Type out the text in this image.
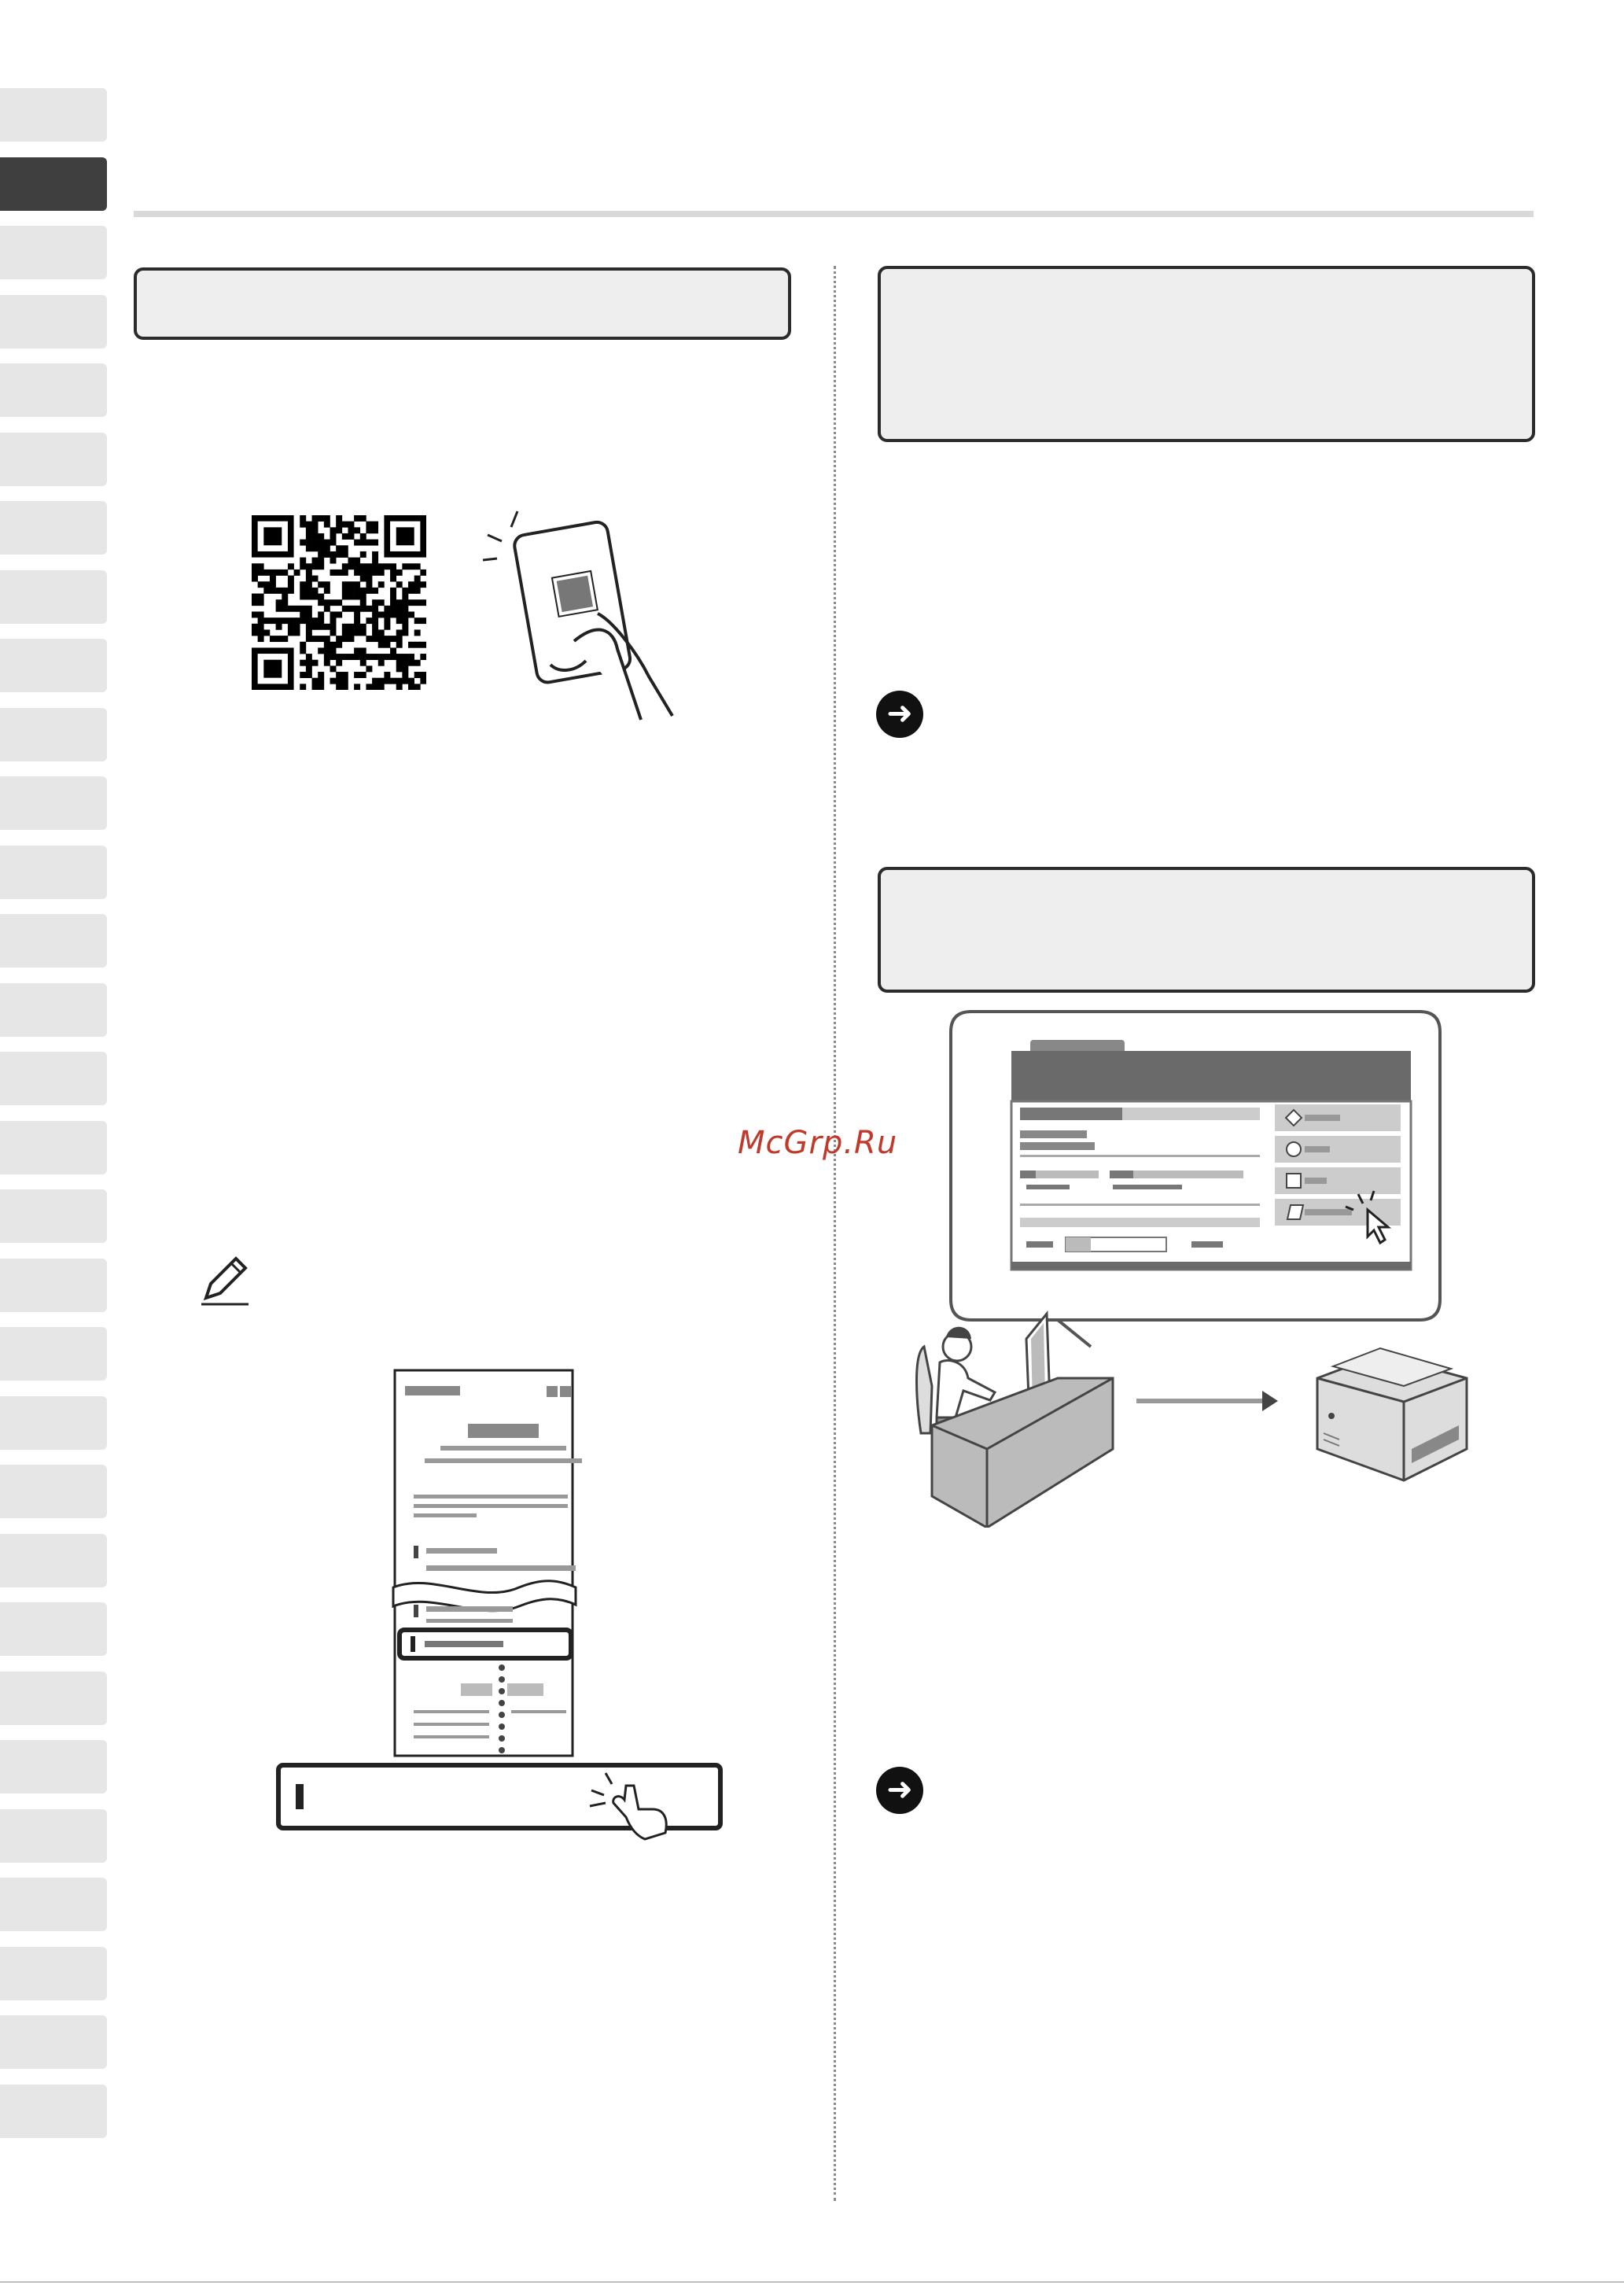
➜
➜
McGrp.Ru
